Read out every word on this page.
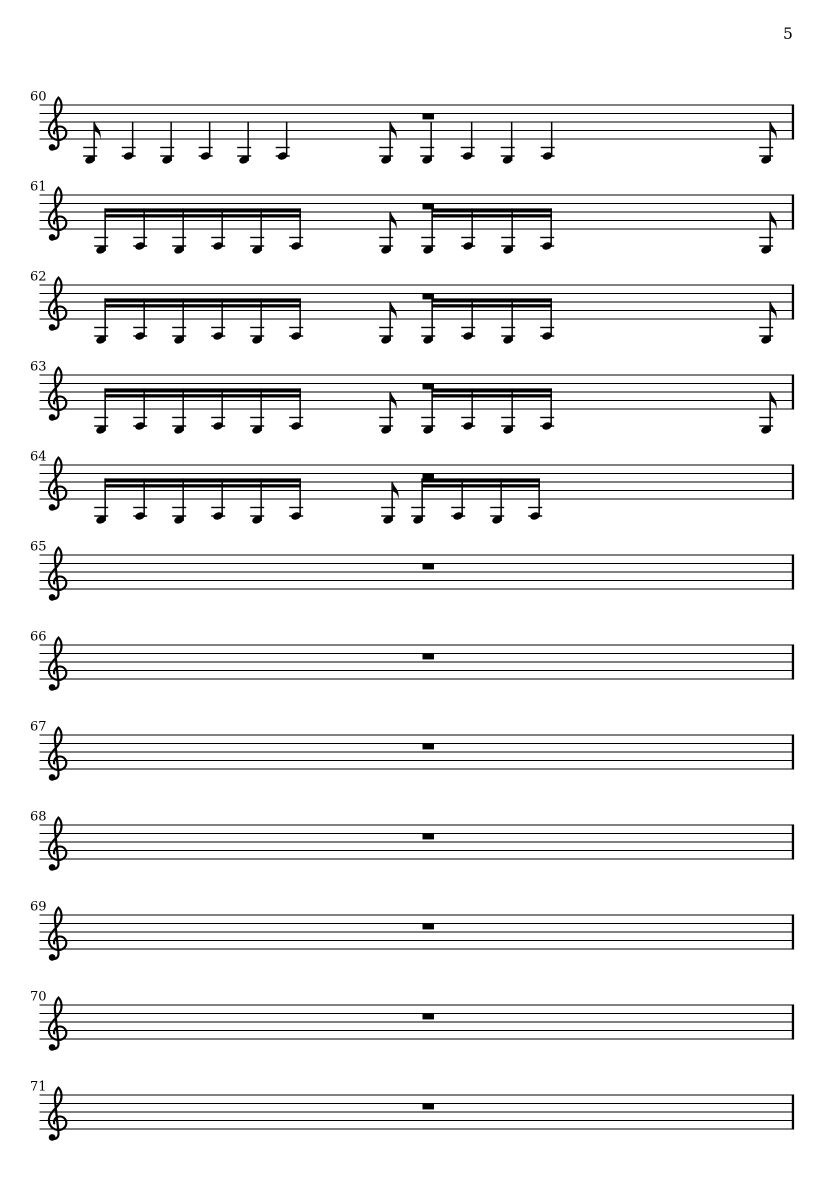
5
60
61
62
63
64
65
66
67
68
69
70
71
